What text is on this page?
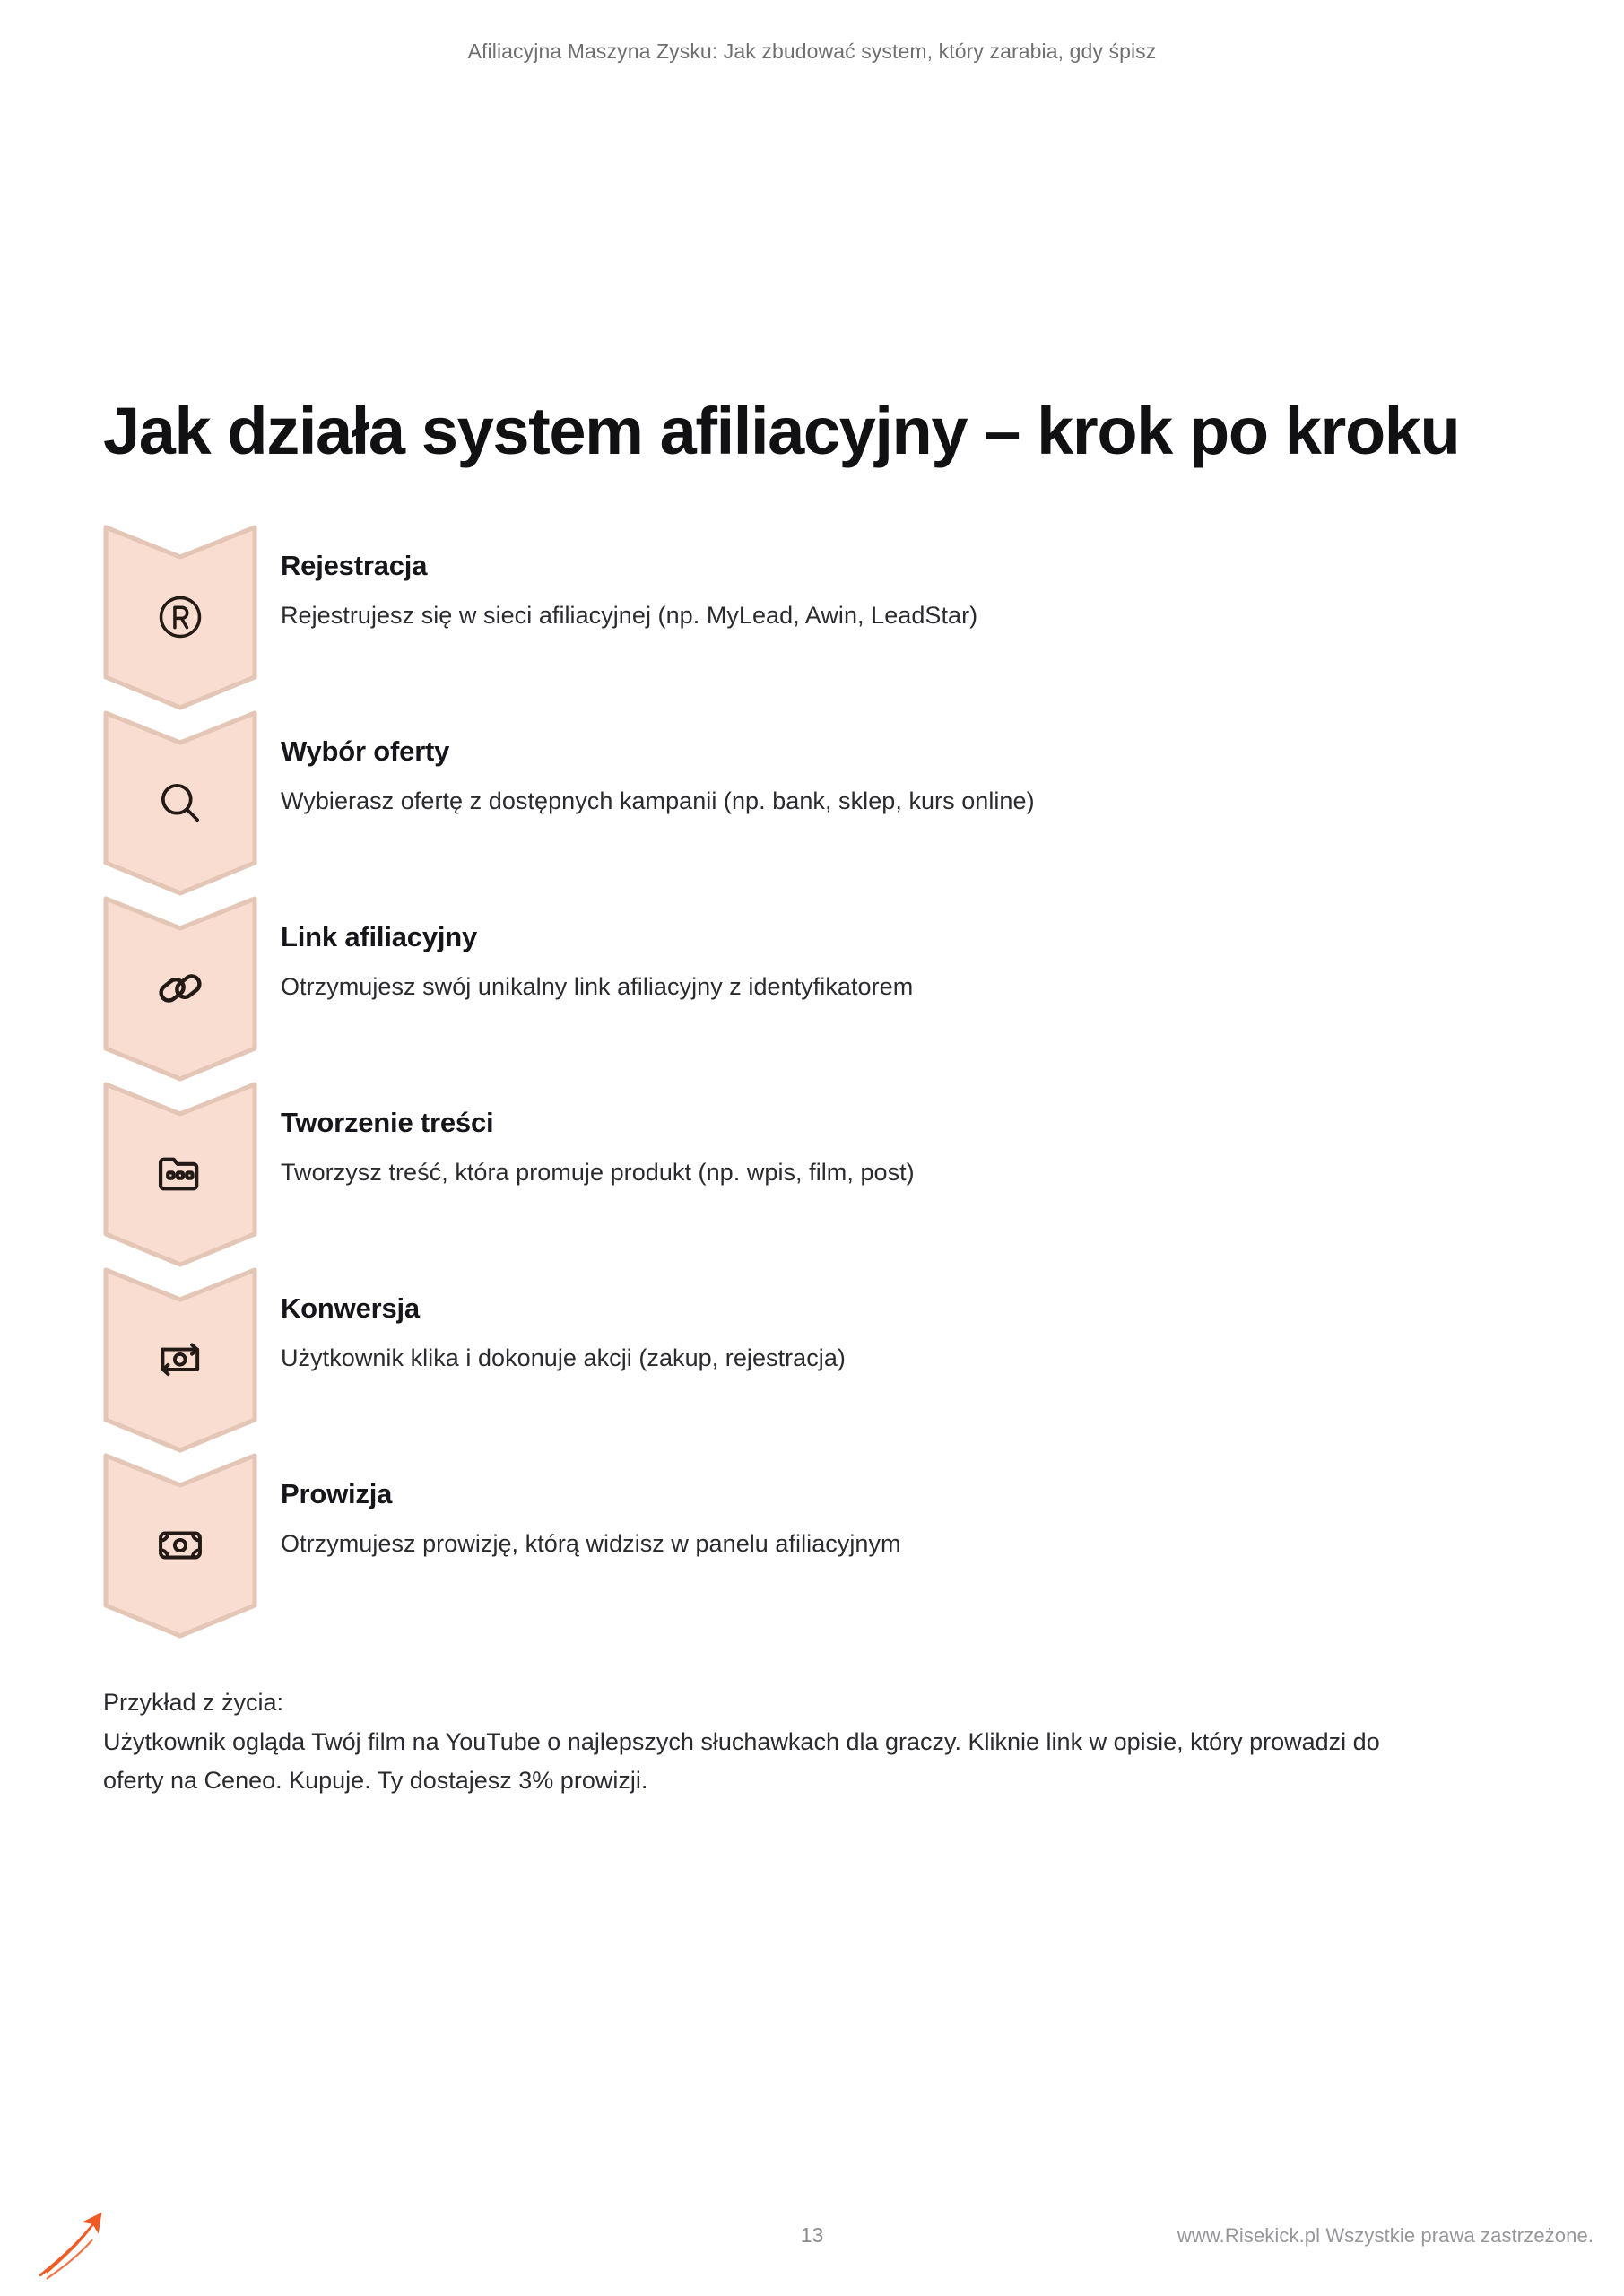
Afiliacyjna Maszyna Zysku: Jak zbudować system, który zarabia, gdy śpisz
Jak działa system afiliacyjny – krok po kroku
Rejestracja
Rejestrujesz się w sieci afiliacyjnej (np. MyLead, Awin, LeadStar)
Wybór oferty
Wybierasz ofertę z dostępnych kampanii (np. bank, sklep, kurs online)
Link afiliacyjny
Otrzymujesz swój unikalny link afiliacyjny z identyfikatorem
Tworzenie treści
Tworzysz treść, która promuje produkt (np. wpis, film, post)
Konwersja
Użytkownik klika i dokonuje akcji (zakup, rejestracja)
Prowizja
Otrzymujesz prowizję, którą widzisz w panelu afiliacyjnym

Przykład z życia:

Użytkownik ogląda Twój film na YouTube o najlepszych słuchawkach dla graczy. Kliknie link w opisie, który prowadzi do oferty na Ceneo. Kupuje. Ty dostajesz 3% prowizji.

13	www.Risekick.pl Wszystkie prawa zastrzeżone.
